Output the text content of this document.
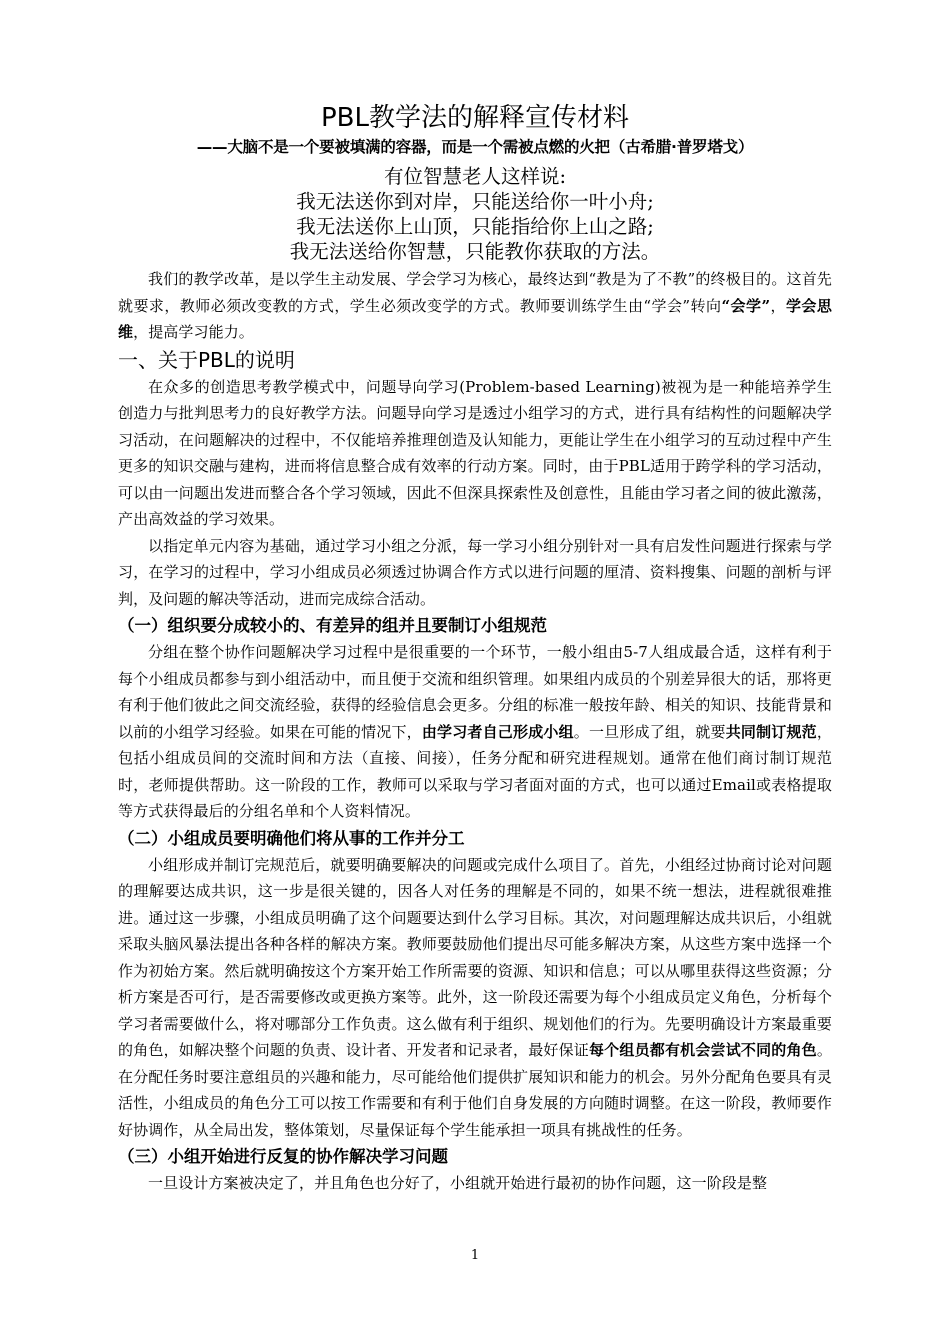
PBL教学法的解释宣传材料
——大脑不是一个要被填满的容器，而是一个需被点燃的火把（古希腊·普罗塔戈）
有位智慧老人这样说:
我无法送你到对岸，只能送给你一叶小舟;
我无法送你上山顶，只能指给你上山之路;
我无法送给你智慧，只能教你获取的方法。

我们的教学改革，是以学生主动发展、学会学习为核心，最终达到“教是为了不教”的终极目的。这首先就要求，教师必须改变教的方式，学生必须改变学的方式。教师要训练学生由“学会”转向“会学”，学会思维，提高学习能力。

一、关于PBL的说明

在众多的创造思考教学模式中，问题导向学习(Problem-based Learning)被视为是一种能培养学生创造力与批判思考力的良好教学方法。问题导向学习是透过小组学习的方式，进行具有结构性的问题解决学习活动，在问题解决的过程中，不仅能培养推理创造及认知能力，更能让学生在小组学习的互动过程中产生更多的知识交融与建构，进而将信息整合成有效率的行动方案。同时，由于PBL适用于跨学科的学习活动，可以由一问题出发进而整合各个学习领域，因此不但深具探索性及创意性，且能由学习者之间的彼此激荡，产出高效益的学习效果。

以指定单元内容为基础，通过学习小组之分派，每一学习小组分别针对一具有启发性问题进行探索与学习，在学习的过程中，学习小组成员必须透过协调合作方式以进行问题的厘清、资料搜集、问题的剖析与评判，及问题的解决等活动，进而完成综合活动。

（一）组织要分成较小的、有差异的组并且要制订小组规范

分组在整个协作问题解决学习过程中是很重要的一个环节，一般小组由5-7人组成最合适，这样有利于每个小组成员都参与到小组活动中，而且便于交流和组织管理。如果组内成员的个别差异很大的话，那将更有利于他们彼此之间交流经验，获得的经验信息会更多。分组的标准一般按年龄、相关的知识、技能背景和以前的小组学习经验。如果在可能的情况下，由学习者自己形成小组。一旦形成了组，就要共同制订规范，包括小组成员间的交流时间和方法（直接、间接），任务分配和研究进程规划。通常在他们商讨制订规范时，老师提供帮助。这一阶段的工作，教师可以采取与学习者面对面的方式，也可以通过Email或表格提取等方式获得最后的分组名单和个人资料情况。

（二）小组成员要明确他们将从事的工作并分工

小组形成并制订完规范后，就要明确要解决的问题或完成什么项目了。首先，小组经过协商讨论对问题的理解要达成共识，这一步是很关键的，因各人对任务的理解是不同的，如果不统一想法，进程就很难推进。通过这一步骤，小组成员明确了这个问题要达到什么学习目标。其次，对问题理解达成共识后，小组就采取头脑风暴法提出各种各样的解决方案。教师要鼓励他们提出尽可能多解决方案，从这些方案中选择一个作为初始方案。然后就明确按这个方案开始工作所需要的资源、知识和信息；可以从哪里获得这些资源；分析方案是否可行，是否需要修改或更换方案等。此外，这一阶段还需要为每个小组成员定义角色，分析每个学习者需要做什么，将对哪部分工作负责。这么做有利于组织、规划他们的行为。先要明确设计方案最重要的角色，如解决整个问题的负责、设计者、开发者和记录者，最好保证每个组员都有机会尝试不同的角色。在分配任务时要注意组员的兴趣和能力，尽可能给他们提供扩展知识和能力的机会。另外分配角色要具有灵活性，小组成员的角色分工可以按工作需要和有利于他们自身发展的方向随时调整。在这一阶段，教师要作好协调作，从全局出发，整体策划，尽量保证每个学生能承担一项具有挑战性的任务。

（三）小组开始进行反复的协作解决学习问题

一旦设计方案被决定了，并且角色也分好了，小组就开始进行最初的协作问题，这一阶段是整

1
